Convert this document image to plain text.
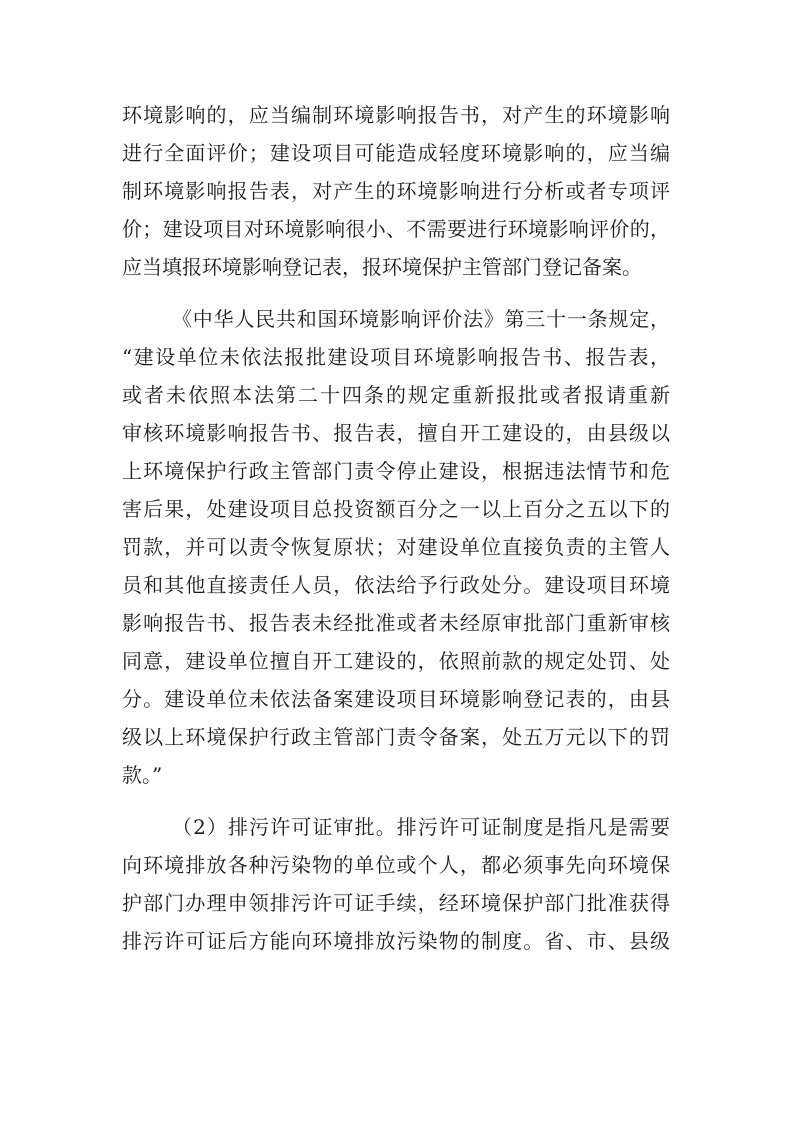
环境影响的，应当编制环境影响报告书，对产生的环境影响
进行全面评价；建设项目可能造成轻度环境影响的，应当编
制环境影响报告表，对产生的环境影响进行分析或者专项评
价；建设项目对环境影响很小、不需要进行环境影响评价的，
应当填报环境影响登记表，报环境保护主管部门登记备案。
《中华人民共和国环境影响评价法》第三十一条规定，
“建设单位未依法报批建设项目环境影响报告书、报告表，
或者未依照本法第二十四条的规定重新报批或者报请重新
审核环境影响报告书、报告表，擅自开工建设的，由县级以
上环境保护行政主管部门责令停止建设，根据违法情节和危
害后果，处建设项目总投资额百分之一以上百分之五以下的
罚款，并可以责令恢复原状；对建设单位直接负责的主管人
员和其他直接责任人员，依法给予行政处分。建设项目环境
影响报告书、报告表未经批准或者未经原审批部门重新审核
同意，建设单位擅自开工建设的，依照前款的规定处罚、处
分。建设单位未依法备案建设项目环境影响登记表的，由县
级以上环境保护行政主管部门责令备案，处五万元以下的罚
款。”
（2）排污许可证审批。排污许可证制度是指凡是需要
向环境排放各种污染物的单位或个人，都必须事先向环境保
护部门办理申领排污许可证手续，经环境保护部门批准获得
排污许可证后方能向环境排放污染物的制度。省、市、县级
